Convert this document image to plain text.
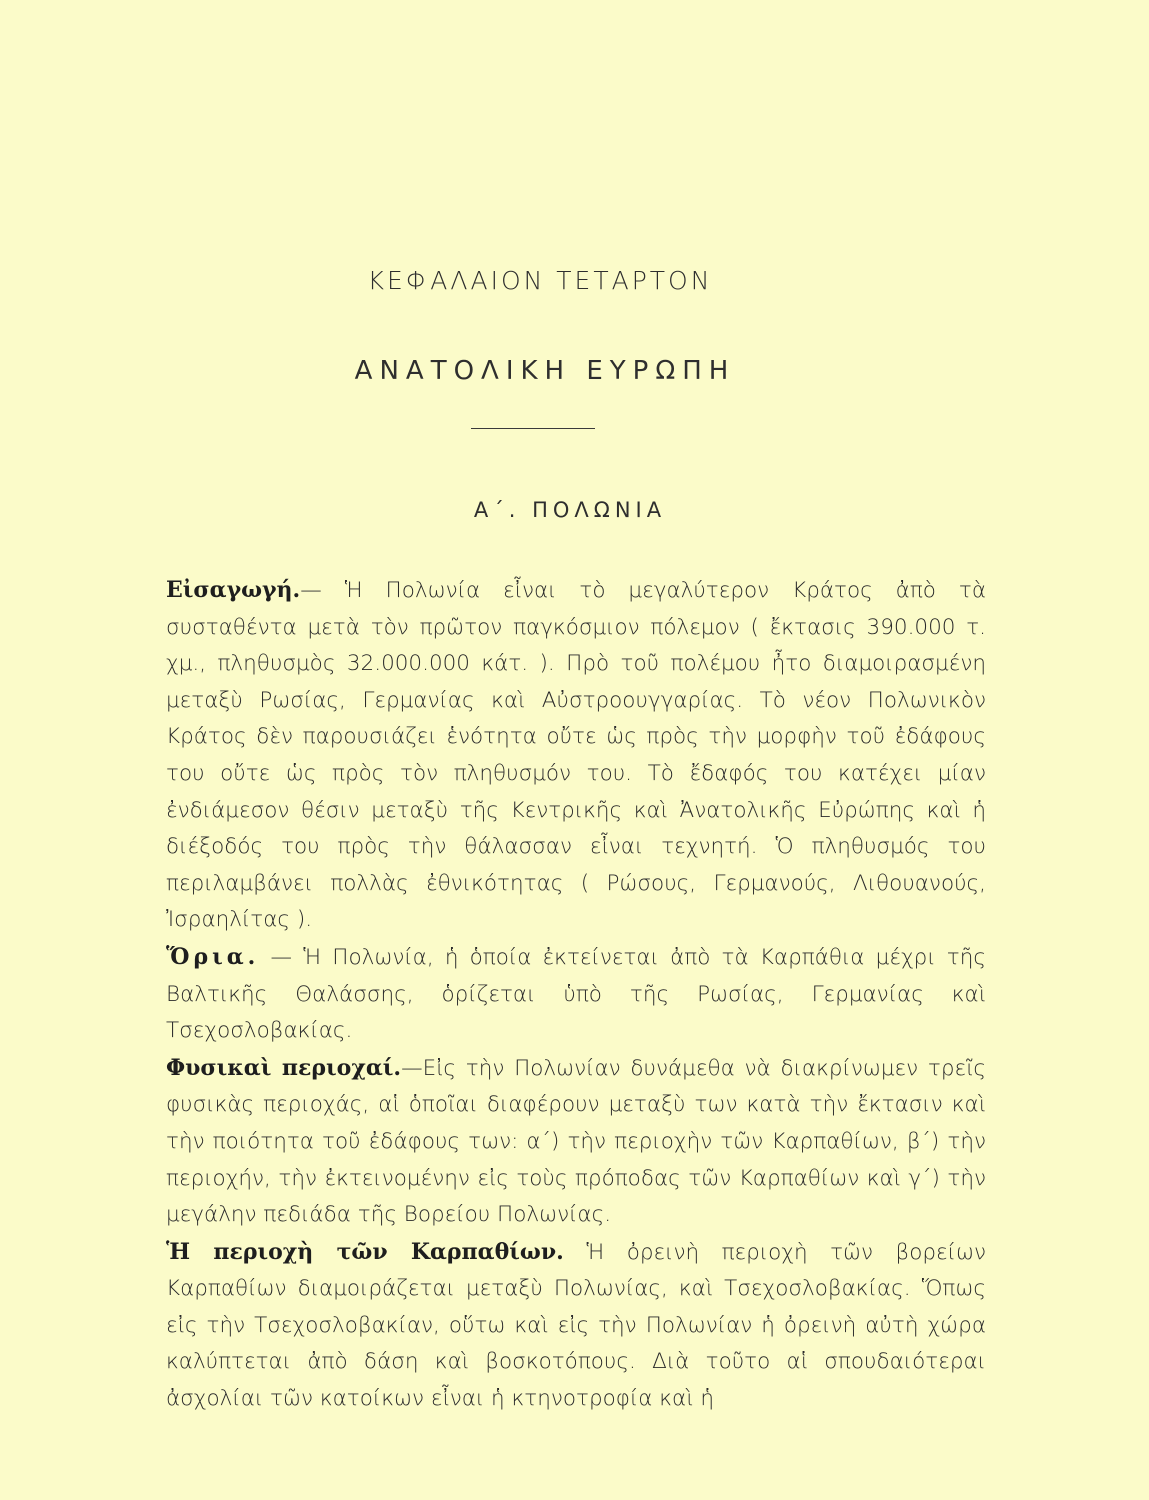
ΚΕΦΑΛΑΙΟΝ ΤΕΤΑΡΤΟΝ
ΑΝΑΤΟΛΙΚΗ ΕΥΡΩΠΗ
Α΄. ΠΟΛΩΝΙΑ

Εἰσαγωγή.— Ἡ Πολωνία εἶναι τὸ μεγαλύτερον Κράτος ἀπὸ τὰ συσταθέντα μετὰ τὸν πρῶτον παγκόσμιον πόλεμον ( ἔκτασις 390.000 τ. χμ., πληθυσμὸς 32.000.000 κάτ. ). Πρὸ τοῦ πολέμου ἦτο διαμοιρασμένη μεταξὺ Ρωσίας, Γερμανίας καὶ Αὐστροουγγαρίας. Τὸ νέον Πολωνικὸν Κράτος δὲν παρουσιάζει ἑνότητα οὔτε ὡς πρὸς τὴν μορφὴν τοῦ ἐδάφους του οὔτε ὡς πρὸς τὸν πληθυσμόν του. Τὸ ἔδαφός του κατέχει μίαν ἐνδιάμεσον θέσιν μεταξὺ τῆς Κεντρικῆς καὶ Ἀνατολικῆς Εὐρώπης καὶ ἡ διέξοδός του πρὸς τὴν θάλασσαν εἶναι τεχνητή. Ὁ πληθυσμός του περιλαμβάνει πολλὰς ἐθνικότητας ( Ρώσους, Γερμανούς, Λιθουανούς, Ἰσραηλίτας ).

Ὅρια. — Ἡ Πολωνία, ἡ ὁποία ἐκτείνεται ἀπὸ τὰ Καρπάθια μέχρι τῆς Βαλτικῆς Θαλάσσης, ὁρίζεται ὑπὸ τῆς Ρωσίας, Γερμανίας καὶ Τσεχοσλοβακίας.

Φυσικαὶ περιοχαί.—Εἰς τὴν Πολωνίαν δυνάμεθα νὰ διακρίνωμεν τρεῖς φυσικὰς περιοχάς, αἱ ὁποῖαι διαφέρουν μεταξὺ των κατὰ τὴν ἔκτασιν καὶ τὴν ποιότητα τοῦ ἐδάφους των: α΄) τὴν περιοχὴν τῶν Καρπαθίων, β΄) τὴν περιοχήν, τὴν ἐκτεινομένην εἰς τοὺς πρόποδας τῶν Καρπαθίων καὶ γ΄) τὴν μεγάλην πεδιάδα τῆς Βορείου Πολωνίας.

Ἡ περιοχὴ τῶν Καρπαθίων. Ἡ ὀρεινὴ περιοχὴ τῶν βορείων Καρπαθίων διαμοιράζεται μεταξὺ Πολωνίας, καὶ Τσεχοσλοβακίας. Ὅπως εἰς τὴν Τσεχοσλοβακίαν, οὕτω καὶ εἰς τὴν Πολωνίαν ἡ ὀρεινὴ αὐτὴ χώρα καλύπτεται ἀπὸ δάση καὶ βοσκοτόπους. Διὰ τοῦτο αἱ σπουδαιότεραι ἀσχολίαι τῶν κατοίκων εἶναι ἡ κτηνοτροφία καὶ ἡ
